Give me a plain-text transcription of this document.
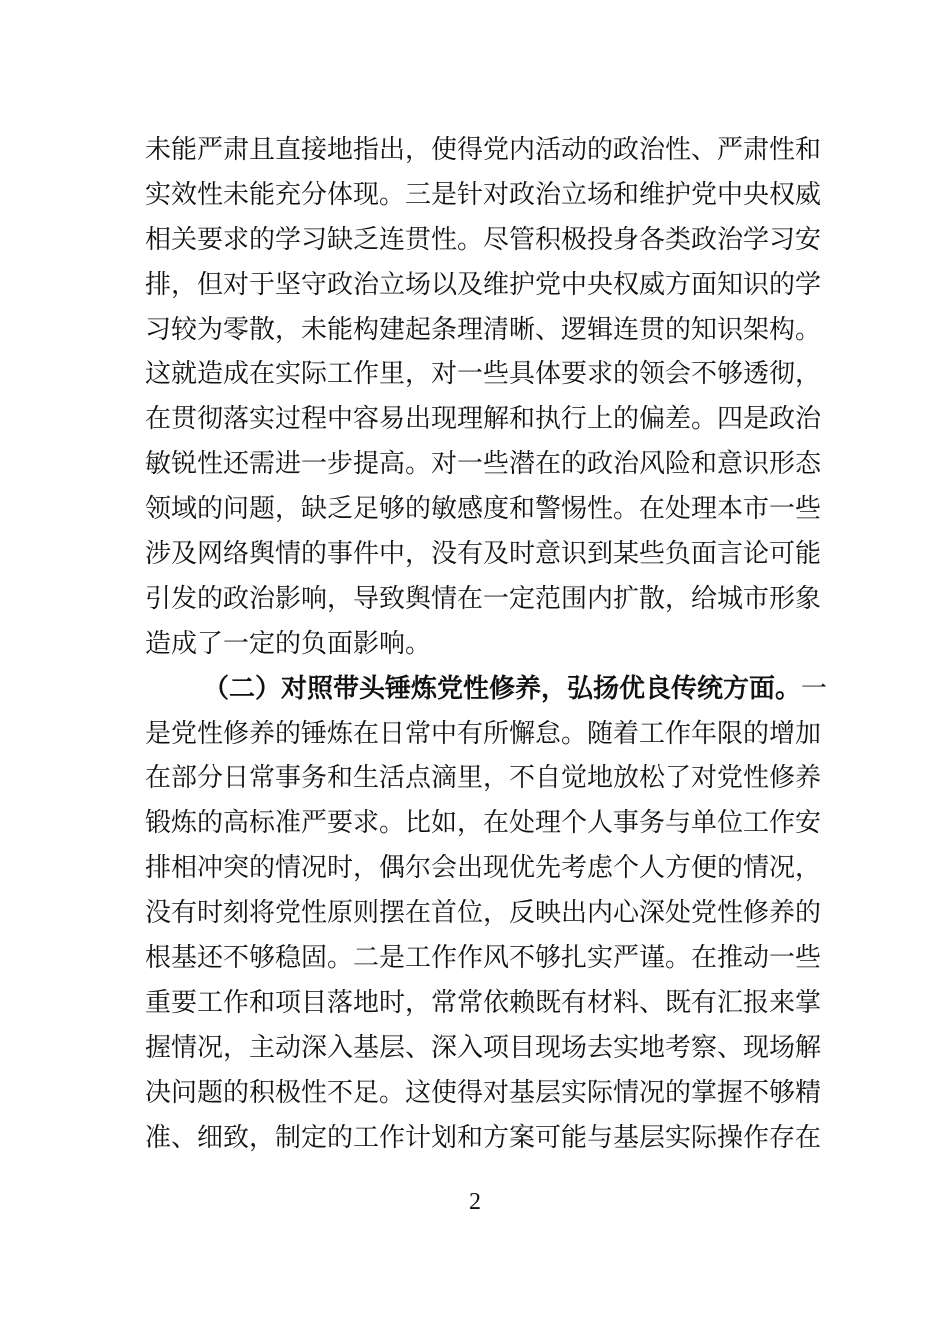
未能严肃且直接地指出，使得党内活动的政治性、严肃性和
实效性未能充分体现。三是针对政治立场和维护党中央权威
相关要求的学习缺乏连贯性。尽管积极投身各类政治学习安
排，但对于坚守政治立场以及维护党中央权威方面知识的学
习较为零散，未能构建起条理清晰、逻辑连贯的知识架构。
这就造成在实际工作里，对一些具体要求的领会不够透彻，
在贯彻落实过程中容易出现理解和执行上的偏差。四是政治
敏锐性还需进一步提高。对一些潜在的政治风险和意识形态
领域的问题，缺乏足够的敏感度和警惕性。在处理本市一些
涉及网络舆情的事件中，没有及时意识到某些负面言论可能
引发的政治影响，导致舆情在一定范围内扩散，给城市形象
造成了一定的负面影响。
（二）对照带头锤炼党性修养，弘扬优良传统方面。一
是党性修养的锤炼在日常中有所懈怠。随着工作年限的增加
在部分日常事务和生活点滴里，不自觉地放松了对党性修养
锻炼的高标准严要求。比如，在处理个人事务与单位工作安
排相冲突的情况时，偶尔会出现优先考虑个人方便的情况，
没有时刻将党性原则摆在首位，反映出内心深处党性修养的
根基还不够稳固。二是工作作风不够扎实严谨。在推动一些
重要工作和项目落地时，常常依赖既有材料、既有汇报来掌
握情况，主动深入基层、深入项目现场去实地考察、现场解
决问题的积极性不足。这使得对基层实际情况的掌握不够精
准、细致，制定的工作计划和方案可能与基层实际操作存在
2
